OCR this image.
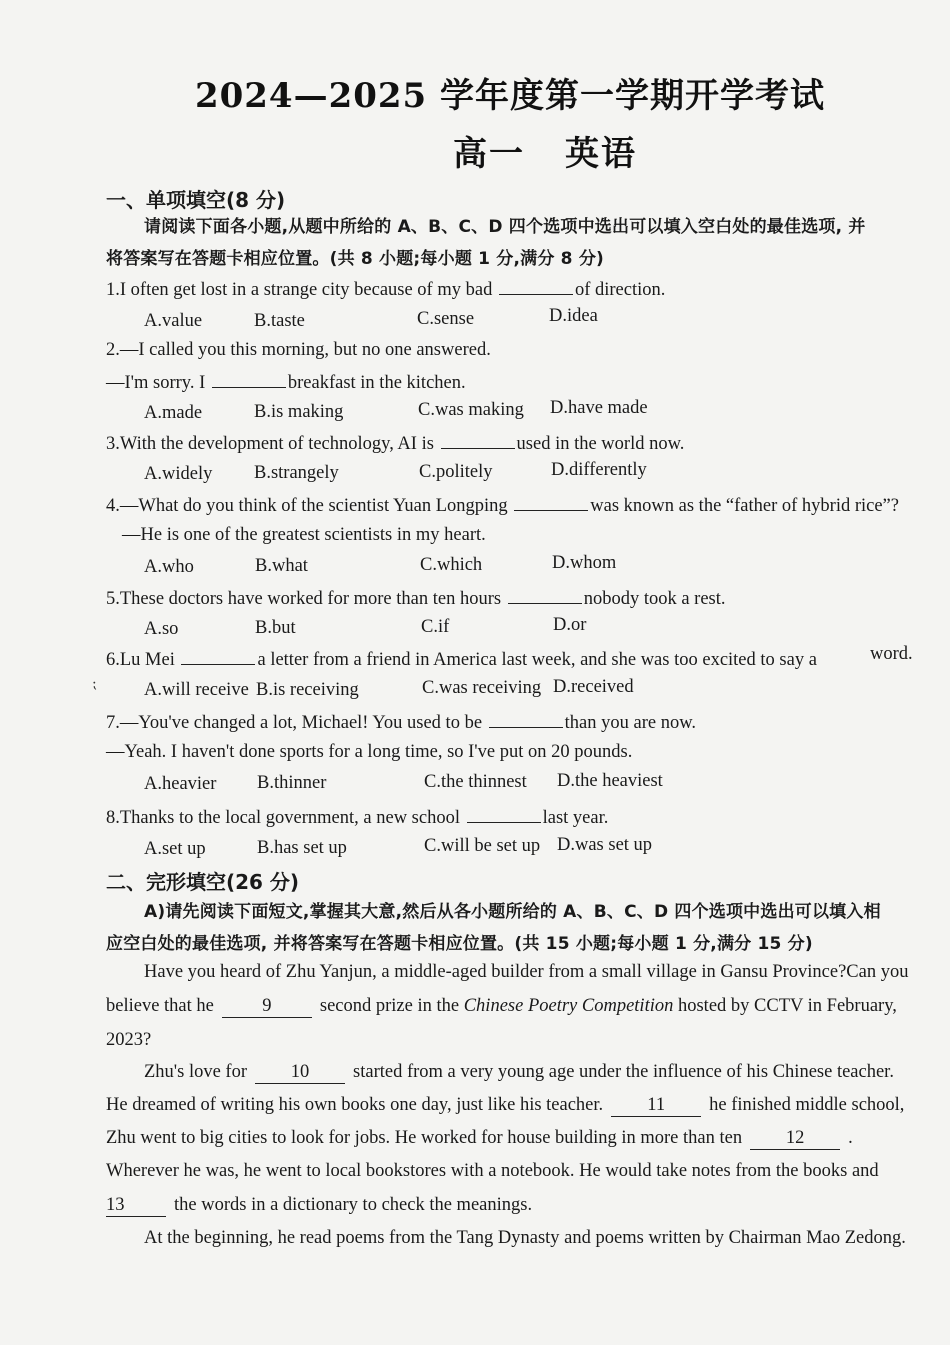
2024—2025 学年度第一学期开学考试
高一 英语
一、单项填空(8 分)
请阅读下面各小题,从题中所给的 A、B、C、D 四个选项中选出可以填入空白处的最佳选项, 并
将答案写在答题卡相应位置。(共 8 小题;每小题 1 分,满分 8 分)
1.I often get lost in a strange city because of my bad	of direction.
A.value	B.taste	C.sense	D.idea
2.—I called you this morning, but no one answered.
—I'm sorry. I	breakfast in the kitchen.
A.made	B.is making	C.was making D.have made
3.With the development of technology, AI is	used in the world now.
A.widely B.strangely	C.politely	D.differently
4.—What do you think of the scientist Yuan Longping	was known as the “father of hybrid rice”?
—He is one of the greatest scientists in my heart.
A.who	B.what	C.which	D.whom
5.These doctors have worked for more than ten hours	nobody took a rest.
A.so	B.but	C.if	D.or
6.Lu Mei	a letter from a friend in America last week, and she was too excited to say a	word.
A.will receive B.is receiving	C.was receiving D.received
⁏
7.—You've changed a lot, Michael! You used to be	than you are now.
—Yeah. I haven't done sports for a long time, so I've put on 20 pounds.
A.heavier B.thinner	C.the thinnest D.the heaviest
8.Thanks to the local government, a new school	last year.
A.set up	B.has set up	C.will be set up D.was set up
二、完形填空(26 分)
A)请先阅读下面短文,掌握其大意,然后从各小题所给的 A、B、C、D 四个选项中选出可以填入相
应空白处的最佳选项, 并将答案写在答题卡相应位置。(共 15 小题;每小题 1 分,满分 15 分)
Have you heard of Zhu Yanjun, a middle-aged builder from a small village in Gansu Province?Can you
believe that he	9	second prize in the Chinese Poetry Competition hosted by CCTV in February,
2023?
Zhu's love for 10 started from a very young age under the influence of his Chinese teacher.
He dreamed of writing his own books one day, just like his teacher. 11 he finished middle school,
Zhu went to big cities to look for jobs. He worked for house building in more than ten 12 .
Wherever he was, he went to local bookstores with a notebook. He would take notes from the books and
13	the words in a dictionary to check the meanings.
At the beginning, he read poems from the Tang Dynasty and poems written by Chairman Mao Zedong.
